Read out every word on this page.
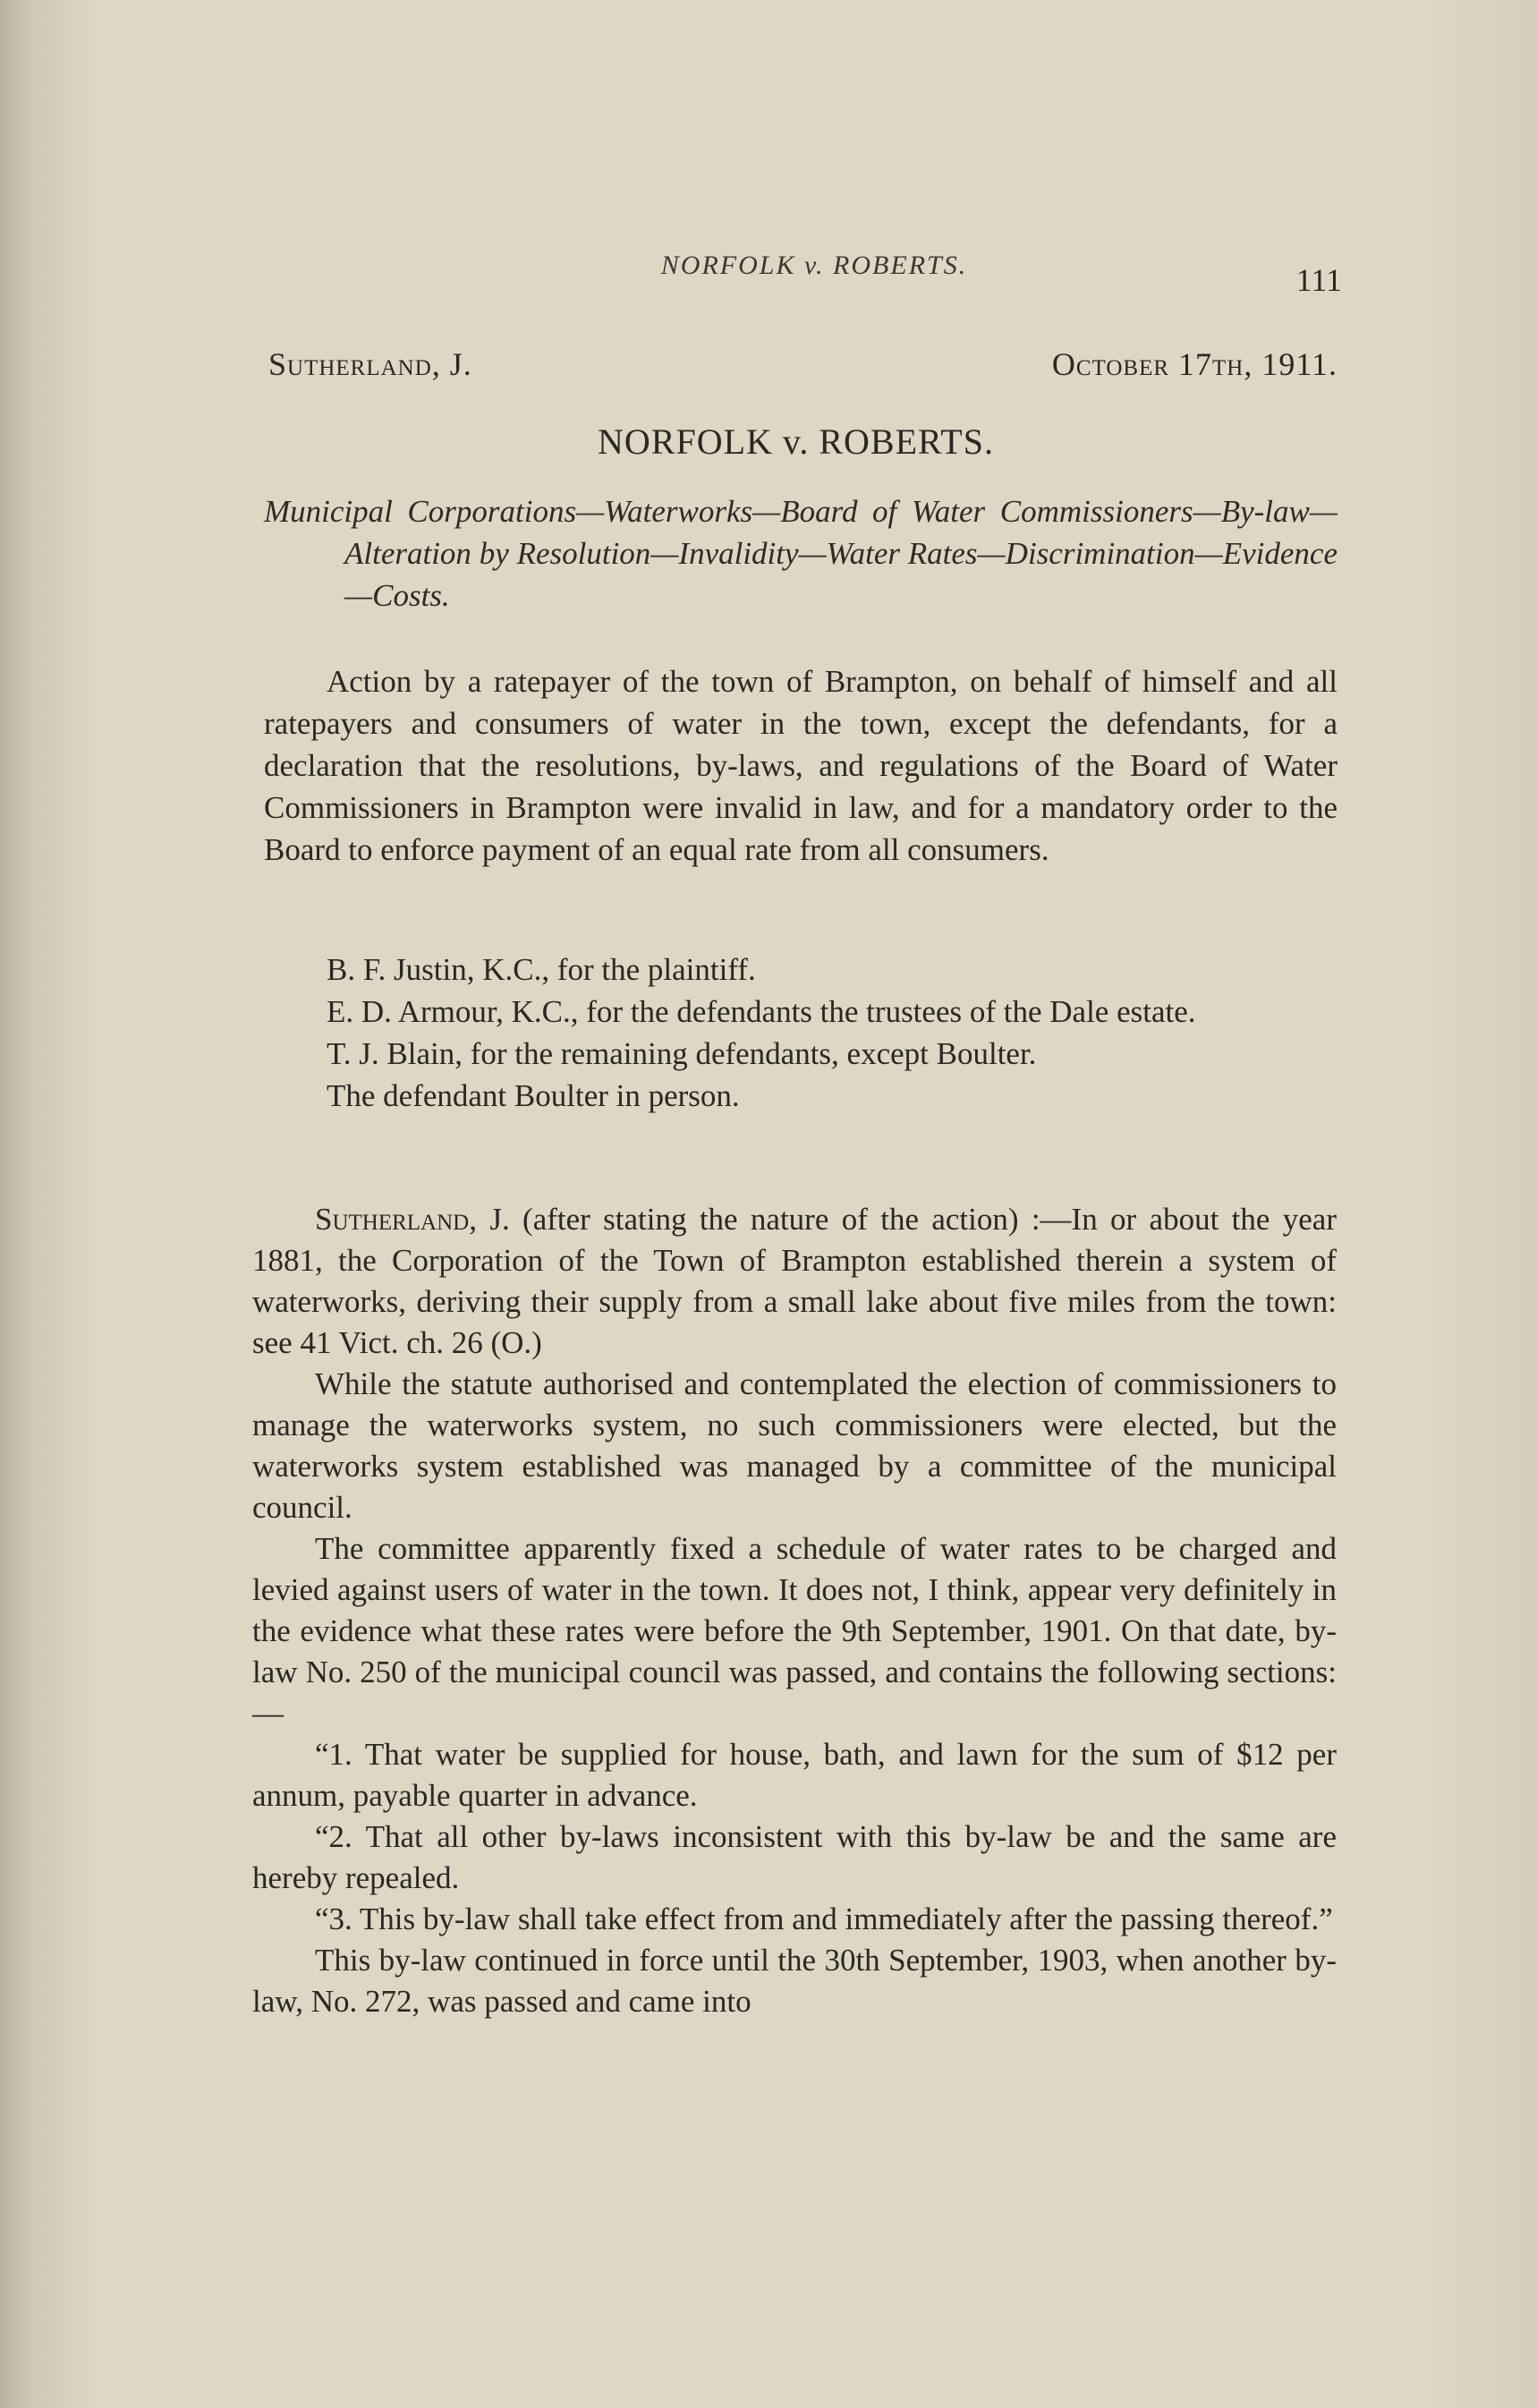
NORFOLK v. ROBERTS.	111
Sutherland, J.	October 17th, 1911.
NORFOLK v. ROBERTS.
Municipal Corporations—Waterworks—Board of Water Commissioners—By-law—Alteration by Resolution—Invalidity—Water Rates—Discrimination—Evidence—Costs.
Action by a ratepayer of the town of Brampton, on behalf of himself and all ratepayers and consumers of water in the town, except the defendants, for a declaration that the resolutions, by-laws, and regulations of the Board of Water Commissioners in Brampton were invalid in law, and for a mandatory order to the Board to enforce payment of an equal rate from all consumers.

B. F. Justin, K.C., for the plaintiff.

E. D. Armour, K.C., for the defendants the trustees of the Dale estate.

T. J. Blain, for the remaining defendants, except Boulter.

The defendant Boulter in person.

Sutherland, J. (after stating the nature of the action) :—In or about the year 1881, the Corporation of the Town of Brampton established therein a system of waterworks, deriving their supply from a small lake about five miles from the town: see 41 Vict. ch. 26 (O.)

While the statute authorised and contemplated the election of commissioners to manage the waterworks system, no such commissioners were elected, but the waterworks system established was managed by a committee of the municipal council.

The committee apparently fixed a schedule of water rates to be charged and levied against users of water in the town. It does not, I think, appear very definitely in the evidence what these rates were before the 9th September, 1901. On that date, by-law No. 250 of the municipal council was passed, and contains the following sections:—

“1. That water be supplied for house, bath, and lawn for the sum of $12 per annum, payable quarter in advance.

“2. That all other by-laws inconsistent with this by-law be and the same are hereby repealed.

“3. This by-law shall take effect from and immediately after the passing thereof.”

This by-law continued in force until the 30th September, 1903, when another by-law, No. 272, was passed and came into
